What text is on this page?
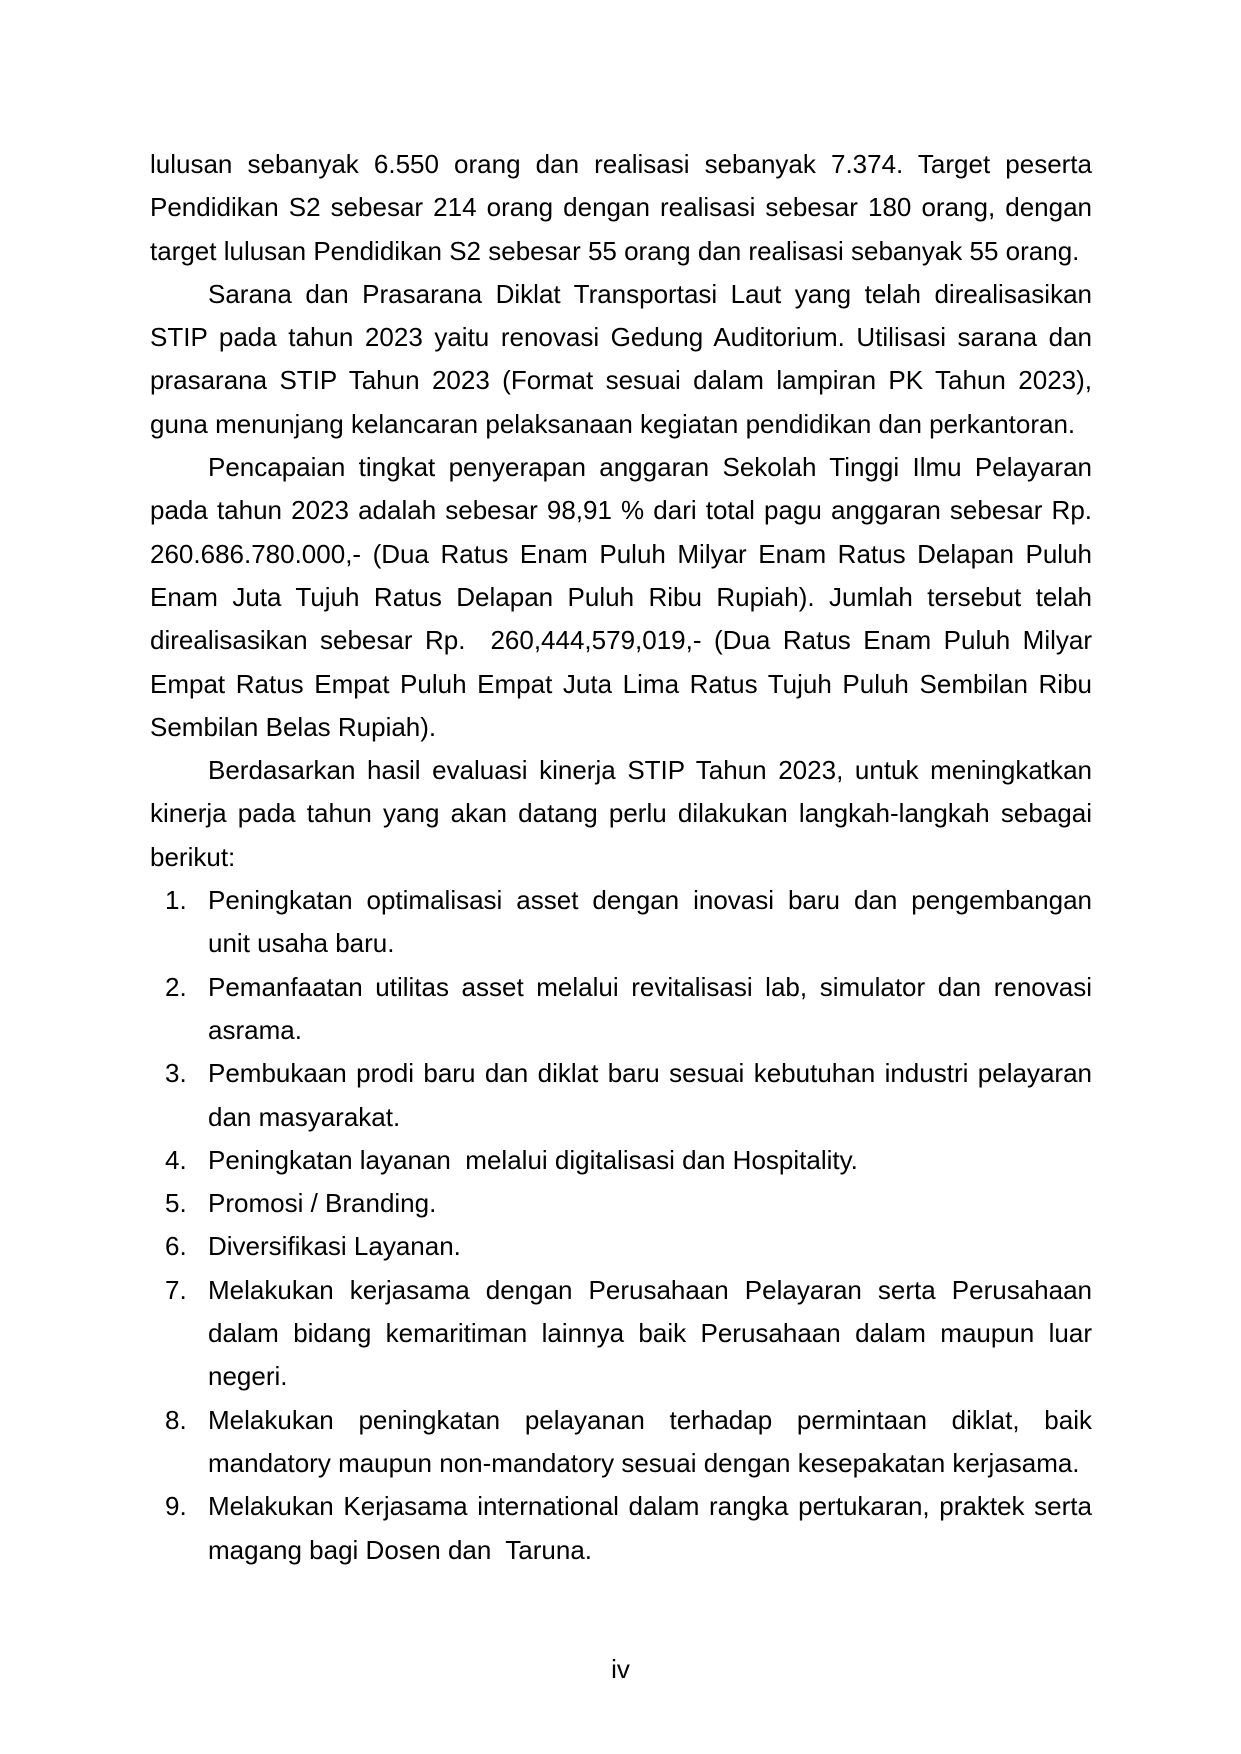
lulusan sebanyak 6.550 orang dan realisasi sebanyak 7.374. Target peserta Pendidikan S2 sebesar 214 orang dengan realisasi sebesar 180 orang, dengan target lulusan Pendidikan S2 sebesar 55 orang dan realisasi sebanyak 55 orang.

Sarana dan Prasarana Diklat Transportasi Laut yang telah direalisasikan STIP pada tahun 2023 yaitu renovasi Gedung Auditorium. Utilisasi sarana dan prasarana STIP Tahun 2023 (Format sesuai dalam lampiran PK Tahun 2023), guna menunjang kelancaran pelaksanaan kegiatan pendidikan dan perkantoran.

Pencapaian tingkat penyerapan anggaran Sekolah Tinggi Ilmu Pelayaran pada tahun 2023 adalah sebesar 98,91 % dari total pagu anggaran sebesar Rp. 260.686.780.000,- (Dua Ratus Enam Puluh Milyar Enam Ratus Delapan Puluh Enam Juta Tujuh Ratus Delapan Puluh Ribu Rupiah). Jumlah tersebut telah direalisasikan sebesar Rp.  260,444,579,019,- (Dua Ratus Enam Puluh Milyar Empat Ratus Empat Puluh Empat Juta Lima Ratus Tujuh Puluh Sembilan Ribu Sembilan Belas Rupiah).

Berdasarkan hasil evaluasi kinerja STIP Tahun 2023, untuk meningkatkan kinerja pada tahun yang akan datang perlu dilakukan langkah-langkah sebagai berikut:

1. Peningkatan optimalisasi asset dengan inovasi baru dan pengembangan unit usaha baru.
2. Pemanfaatan utilitas asset melalui revitalisasi lab, simulator dan renovasi asrama.
3. Pembukaan prodi baru dan diklat baru sesuai kebutuhan industri pelayaran dan masyarakat.
4. Peningkatan layanan  melalui digitalisasi dan Hospitality.
5. Promosi / Branding.
6. Diversifikasi Layanan.
7. Melakukan kerjasama dengan Perusahaan Pelayaran serta Perusahaan dalam bidang kemaritiman lainnya baik Perusahaan dalam maupun luar negeri.
8. Melakukan peningkatan pelayanan terhadap permintaan diklat, baik mandatory maupun non-mandatory sesuai dengan kesepakatan kerjasama.
9. Melakukan Kerjasama international dalam rangka pertukaran, praktek serta magang bagi Dosen dan  Taruna.
iv
